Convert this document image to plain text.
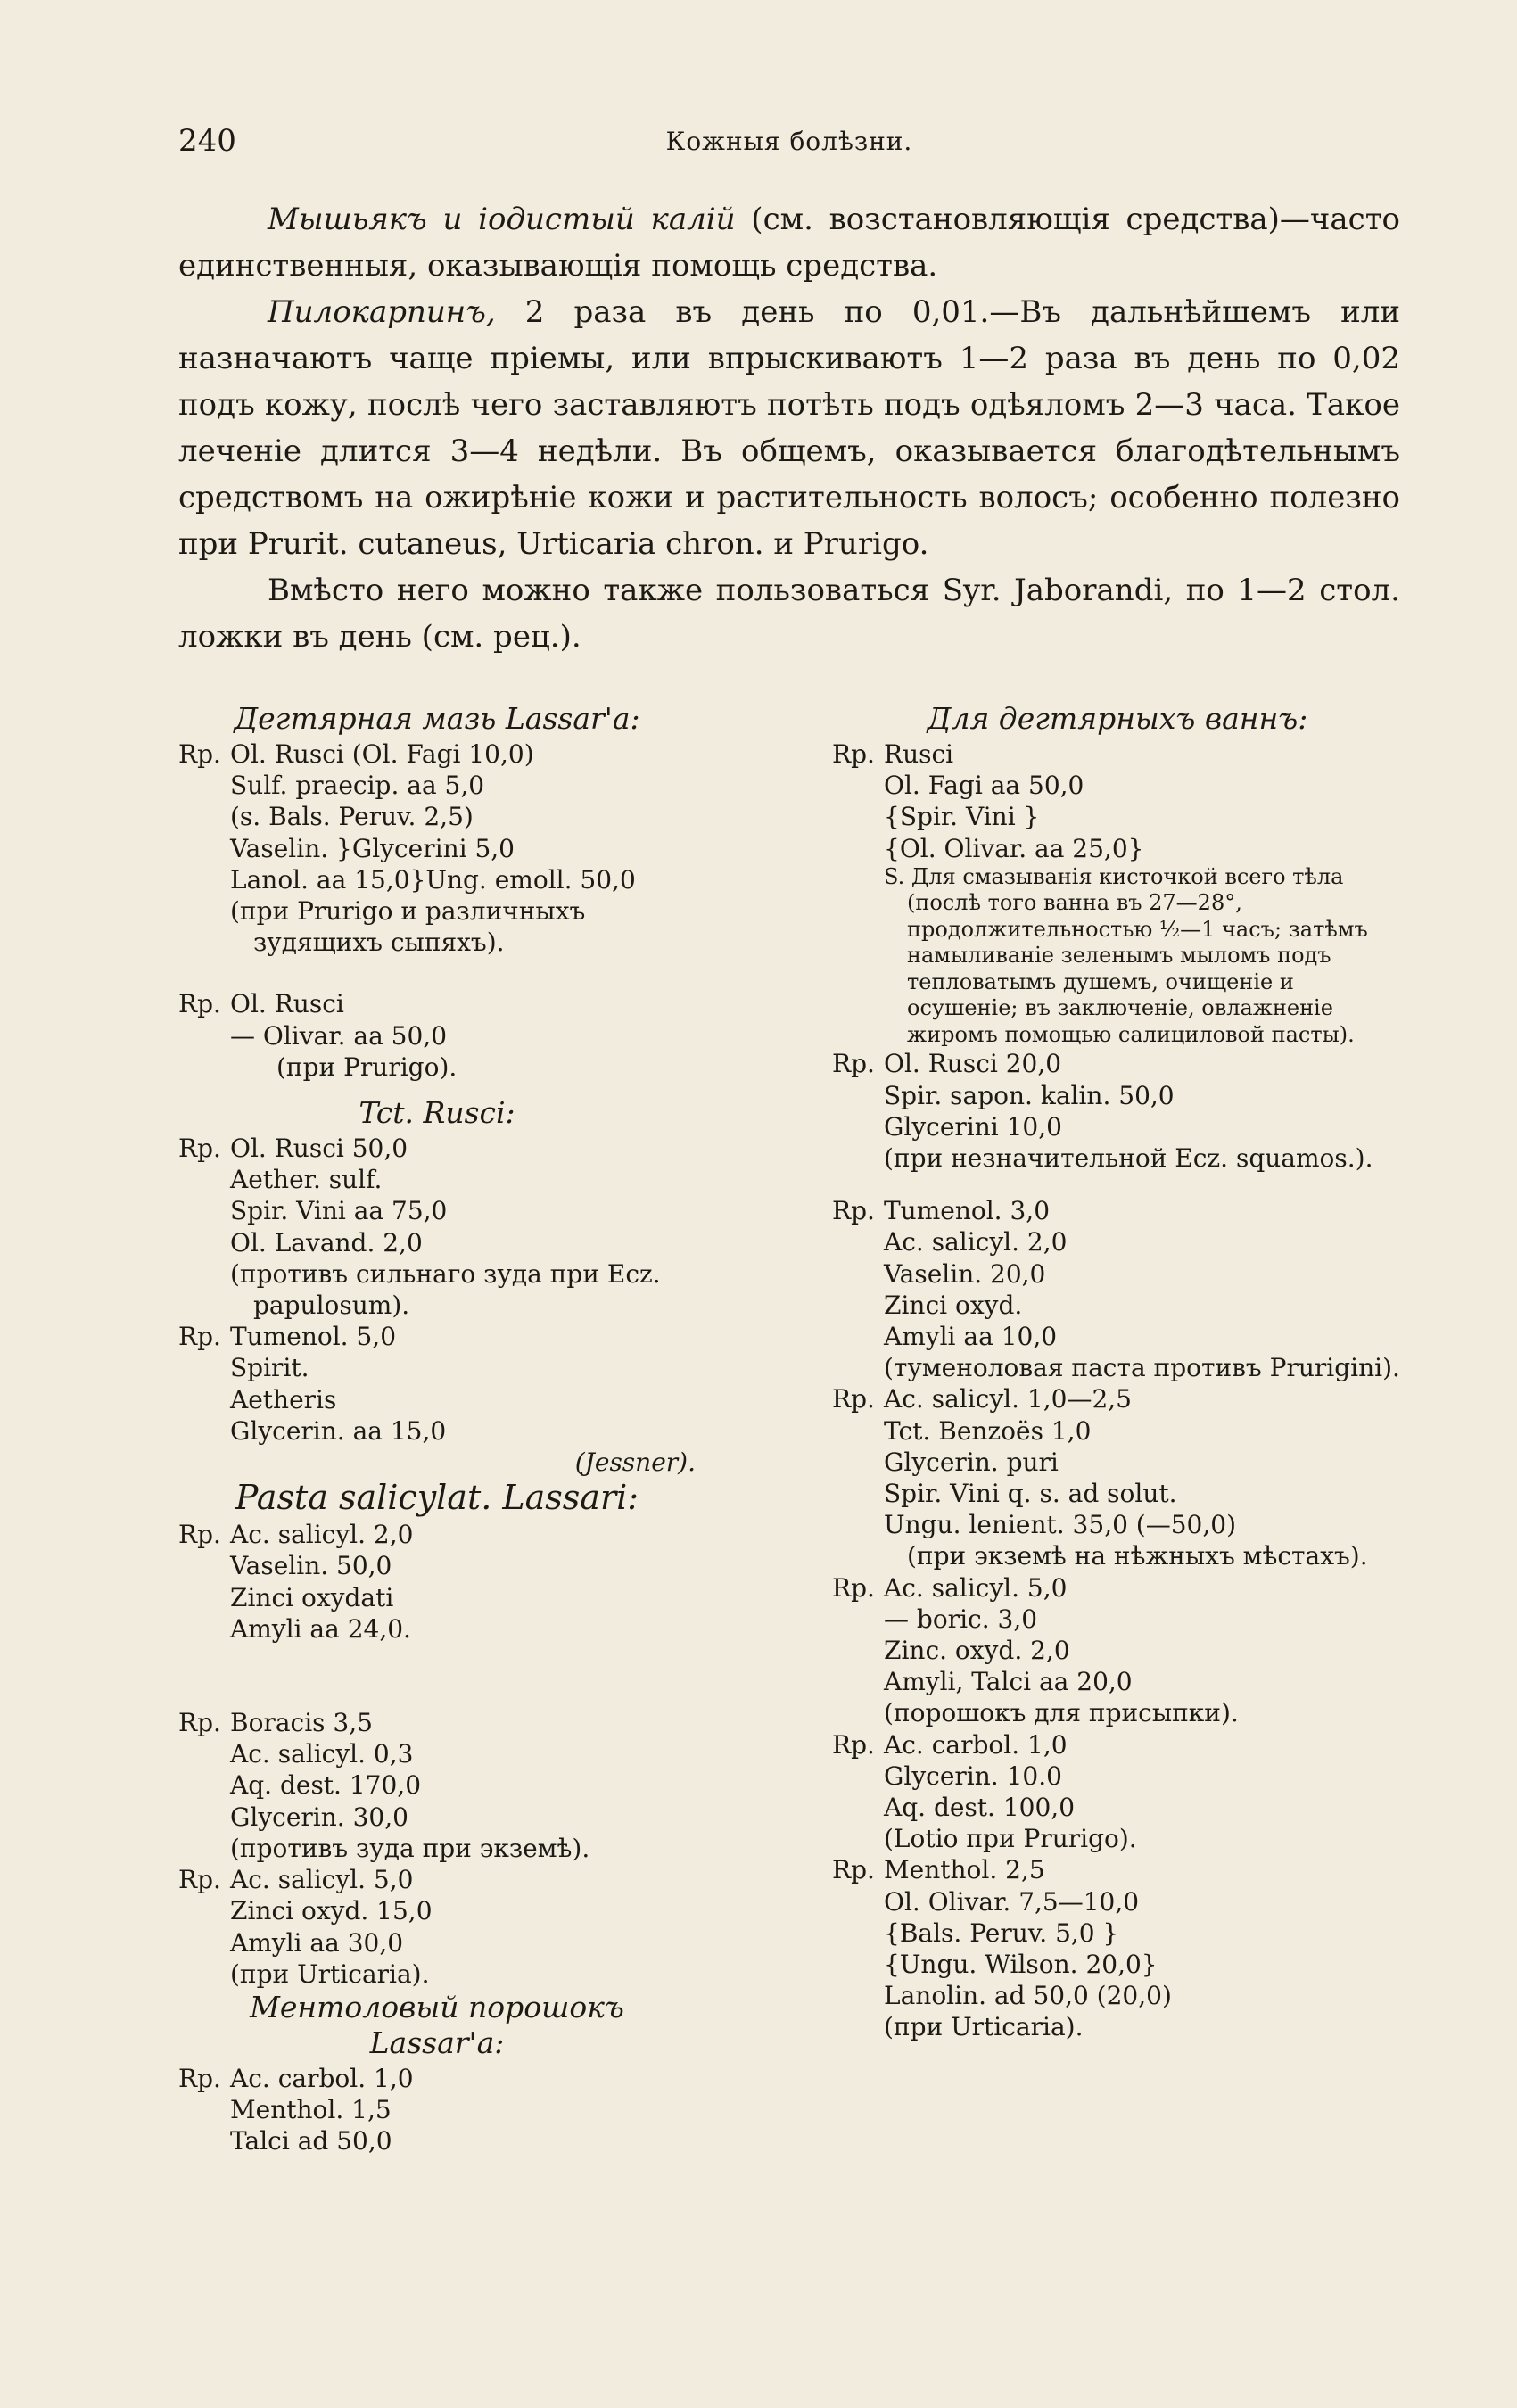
240	Кожныя болѣзни.

Мышьякъ и іодистый калій (см. возстановляющія средства)—часто единственныя, оказывающія помощь средства.

Пилокарпинъ, 2 раза въ день по 0,01.—Въ дальнѣйшемъ или назначаютъ чаще пріемы, или впрыскиваютъ 1—2 раза въ день по 0,02 подъ кожу, послѣ чего заставляютъ потѣть подъ одѣяломъ 2—3 часа. Такое леченіе длится 3—4 недѣли. Въ общемъ, оказывается благодѣтельнымъ средствомъ на ожирѣніе кожи и растительность волосъ; особенно полезно при Prurit. cutaneus, Urticaria chron. и Prurigo.

Вмѣсто него можно также пользоваться Syr. Jaborandi, по 1—2 стол. ложки въ день (см. рец.).

Дегтярная мазь Lassar'а:
Rp. Ol. Rusci (Ol. Fagi 10,0)
Sulf. praecip. aa 5,0
(s. Bals. Peruv. 2,5)
Vaselin. }Glycerini 5,0
Lanol. aa 15,0}Ung. emoll. 50,0
(при Prurigo и различныхъ зудящихъ сыпяхъ).
Rp. Ol. Rusci
— Olivar. aa 50,0
(при Prurigo).
Tct. Rusci:
Rp. Ol. Rusci 50,0
Aether. sulf.
Spir. Vini aa 75,0
Ol. Lavand. 2,0
(противъ сильнаго зуда при Ecz. papulosum).
Rp. Tumenol. 5,0
Spirit.
Aetheris
Glycerin. aa 15,0
(Jessner).
Pasta salicylat. Lassari:
Rp. Ac. salicyl. 2,0
Vaselin. 50,0
Zinci oxydati
Amyli aa 24,0.
Rp. Boracis 3,5
Ac. salicyl. 0,3
Aq. dest. 170,0
Glycerin. 30,0
(противъ зуда при экземѣ).
Rp. Ac. salicyl. 5,0
Zinci oxyd. 15,0
Amyli aa 30,0
(при Urticaria).
Ментоловый порошокъ Lassar'а:
Rp. Ac. carbol. 1,0
Menthol. 1,5
Talci ad 50,0
Для дегтярныхъ ваннъ:
Rp. Rusci
Ol. Fagi aa 50,0
{Spir. Vini }
{Ol. Olivar. aa 25,0}
S. Для смазыванія кисточкой всего тѣла (послѣ того ванна въ 27—28°, продолжительностью ½—1 часъ; затѣмъ намыливаніе зеленымъ мыломъ подъ тепловатымъ душемъ, очищеніе и осушеніе; въ заключеніе, овлажненіе жиромъ помощью салициловой пасты).
Rp. Ol. Rusci 20,0
Spir. sapon. kalin. 50,0
Glycerini 10,0
(при незначительной Ecz. squamos.).
Rp. Tumenol. 3,0
Ac. salicyl. 2,0
Vaselin. 20,0
Zinci oxyd.
Amyli aa 10,0
(туменоловая паста противъ Prurigini).
Rp. Ac. salicyl. 1,0—2,5
Tct. Benzoës 1,0
Glycerin. puri
Spir. Vini q. s. ad solut.
Ungu. lenient. 35,0 (—50,0)
(при экземѣ на нѣжныхъ мѣстахъ).
Rp. Ac. salicyl. 5,0
— boric. 3,0
Zinc. oxyd. 2,0
Amyli, Talci aa 20,0
(порошокъ для присыпки).
Rp. Ac. carbol. 1,0
Glycerin. 10.0
Aq. dest. 100,0
(Lotio при Prurigo).
Rp. Menthol. 2,5
Ol. Olivar. 7,5—10,0
{Bals. Peruv. 5,0 }
{Ungu. Wilson. 20,0}
Lanolin. ad 50,0 (20,0)
(при Urticaria).
